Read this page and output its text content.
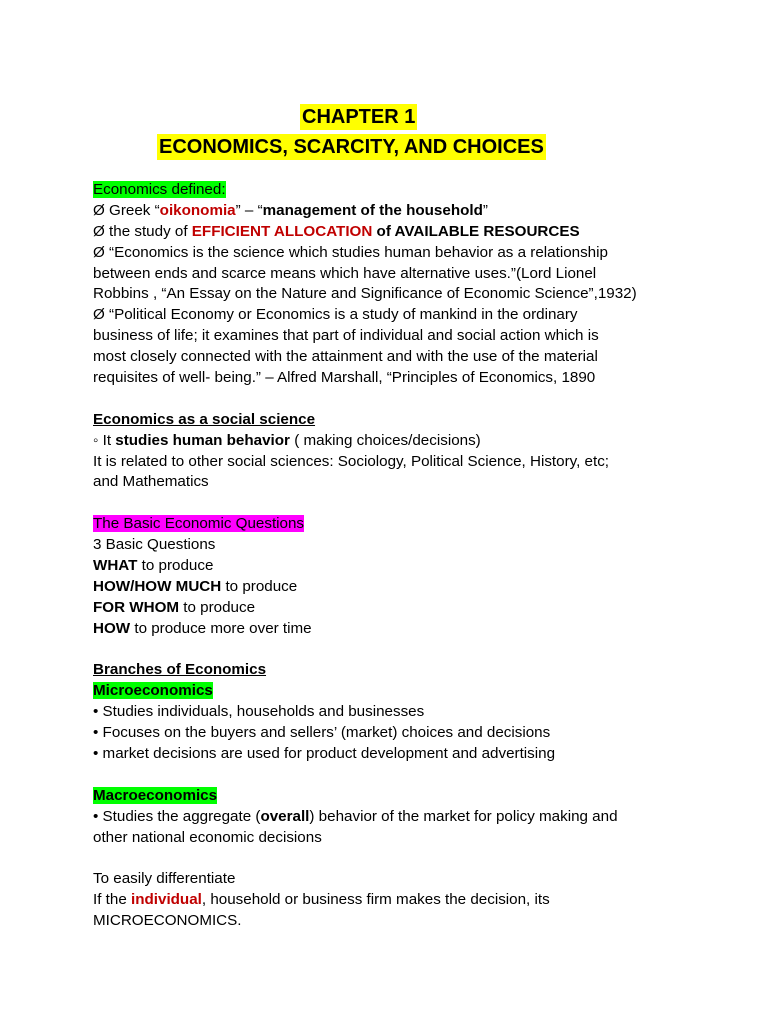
CHAPTER 1
ECONOMICS, SCARCITY, AND CHOICES
Economics defined:
Ø Greek “oikonomia” – “management of the household”
Ø the study of EFFICIENT ALLOCATION of AVAILABLE RESOURCES
Ø “Economics is the science which studies human behavior as a relationship
between ends and scarce means which have alternative uses.”(Lord Lionel
Robbins , “An Essay on the Nature and Significance of Economic Science”,1932)
Ø “Political Economy or Economics is a study of mankind in the ordinary
business of life; it examines that part of individual and social action which is
most closely connected with the attainment and with the use of the material
requisites of well- being.” – Alfred Marshall, “Principles of Economics, 1890
Economics as a social science
◦ It studies human behavior ( making choices/decisions)
It is related to other social sciences: Sociology, Political Science, History, etc;
and Mathematics
The Basic Economic Questions
3 Basic Questions
WHAT to produce
HOW/HOW MUCH to produce
FOR WHOM to produce
HOW to produce more over time
Branches of Economics
Microeconomics
• Studies individuals, households and businesses
• Focuses on the buyers and sellers’ (market) choices and decisions
• market decisions are used for product development and advertising
Macroeconomics
• Studies the aggregate (overall) behavior of the market for policy making and
other national economic decisions
To easily differentiate
If the individual, household or business firm makes the decision, its
MICROECONOMICS.
